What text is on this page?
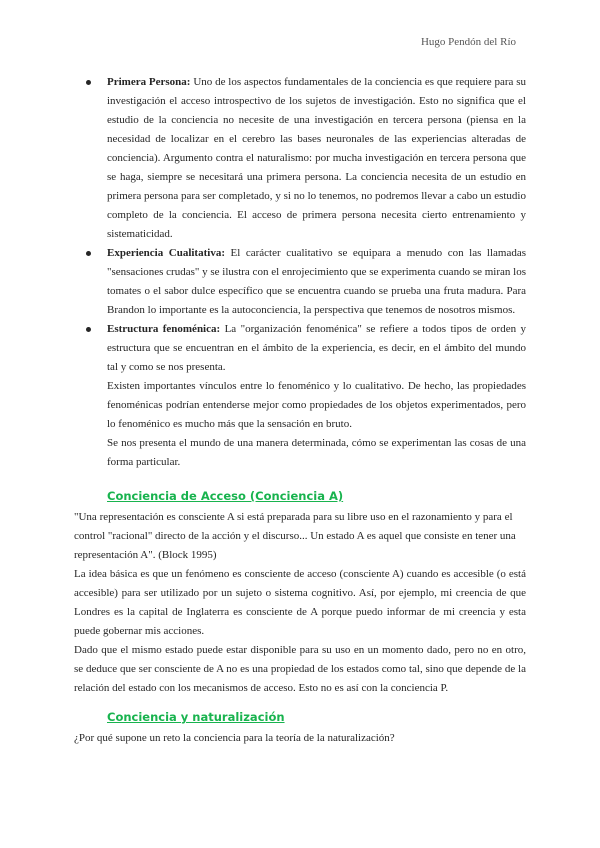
Hugo Pendón del Río

Primera Persona: Uno de los aspectos fundamentales de la conciencia es que requiere para su investigación el acceso introspectivo de los sujetos de investigación. Esto no significa que el estudio de la conciencia no necesite de una investigación en tercera persona (piensa en la necesidad de localizar en el cerebro las bases neuronales de las experiencias alteradas de conciencia). Argumento contra el naturalismo: por mucha investigación en tercera persona que se haga, siempre se necesitará una primera persona. La conciencia necesita de un estudio en primera persona para ser completado, y si no lo tenemos, no podremos llevar a cabo un estudio completo de la conciencia. El acceso de primera persona necesita cierto entrenamiento y sistematicidad.

Experiencia Cualitativa: El carácter cualitativo se equipara a menudo con las llamadas "sensaciones crudas" y se ilustra con el enrojecimiento que se experimenta cuando se miran los tomates o el sabor dulce específico que se encuentra cuando se prueba una fruta madura. Para Brandon lo importante es la autoconciencia, la perspectiva que tenemos de nosotros mismos.

Estructura fenoménica: La "organización fenoménica" se refiere a todos tipos de orden y estructura que se encuentran en el ámbito de la experiencia, es decir, en el ámbito del mundo tal y como se nos presenta.

Existen importantes vínculos entre lo fenoménico y lo cualitativo. De hecho, las propiedades fenoménicas podrían entenderse mejor como propiedades de los objetos experimentados, pero lo fenoménico es mucho más que la sensación en bruto.

Se nos presenta el mundo de una manera determinada, cómo se experimentan las cosas de una forma particular.

Conciencia de Acceso (Conciencia A)

"Una representación es consciente A si está preparada para su libre uso en el razonamiento y para el control "racional" directo de la acción y el discurso... Un estado A es aquel que consiste en tener una representación A". (Block 1995)

La idea básica es que un fenómeno es consciente de acceso (consciente A) cuando es accesible (o está accesible) para ser utilizado por un sujeto o sistema cognitivo. Así, por ejemplo, mi creencia de que Londres es la capital de Inglaterra es consciente de A porque puedo informar de mi creencia y esta puede gobernar mis acciones.

Dado que el mismo estado puede estar disponible para su uso en un momento dado, pero no en otro, se deduce que ser consciente de A no es una propiedad de los estados como tal, sino que depende de la relación del estado con los mecanismos de acceso. Esto no es así con la conciencia P.

Conciencia y naturalización

¿Por qué supone un reto la conciencia para la teoría de la naturalización?
